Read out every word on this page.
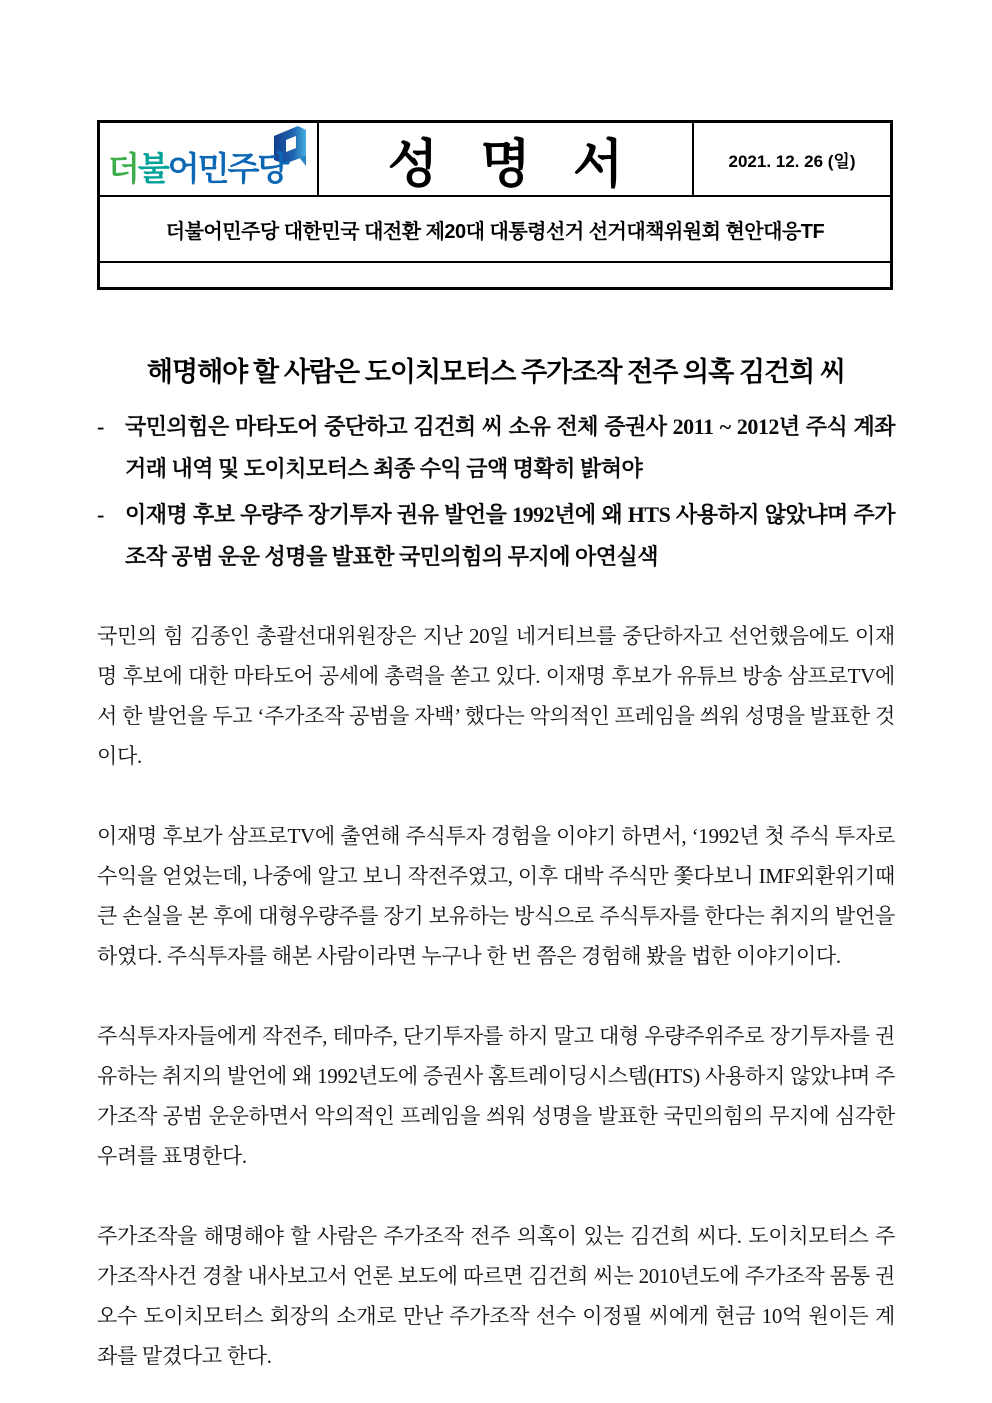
더불어민주당 성 명 서	2021. 12. 26 (일)
더불어민주당 대한민국 대전환 제20대 대통령선거 선거대책위원회 현안대응TF
해명해야 할 사람은 도이치모터스 주가조작 전주 의혹 김건희 씨
- 국민의힘은 마타도어 중단하고 김건희 씨 소유 전체 증권사 2011 ~ 2012년 주식 계좌거래 내역 및 도이치모터스 최종 수익 금액 명확히 밝혀야
- 이재명 후보 우량주 장기투자 권유 발언을 1992년에 왜 HTS 사용하지 않았냐며 주가조작 공범 운운 성명을 발표한 국민의힘의 무지에 아연실색

국민의 힘 김종인 총괄선대위원장은 지난 20일 네거티브를 중단하자고 선언했음에도 이재명 후보에 대한 마타도어 공세에 총력을 쏟고 있다. 이재명 후보가 유튜브 방송 삼프로TV에서 한 발언을 두고 ‘주가조작 공범을 자백’ 했다는 악의적인 프레임을 씌워 성명을 발표한 것이다.

이재명 후보가 삼프로TV에 출연해 주식투자 경험을 이야기 하면서, ‘1992년 첫 주식 투자로 수익을 얻었는데, 나중에 알고 보니 작전주였고, 이후 대박 주식만 쫓다보니 IMF외환위기때 큰 손실을 본 후에 대형우량주를 장기 보유하는 방식으로 주식투자를 한다는 취지의 발언을 하였다. 주식투자를 해본 사람이라면 누구나 한 번 쯤은 경험해 봤을 법한 이야기이다.

주식투자자들에게 작전주, 테마주, 단기투자를 하지 말고 대형 우량주위주로 장기투자를 권유하는 취지의 발언에 왜 1992년도에 증권사 홈트레이딩시스템(HTS) 사용하지 않았냐며 주가조작 공범 운운하면서 악의적인 프레임을 씌워 성명을 발표한 국민의힘의 무지에 심각한 우려를 표명한다.

주가조작을 해명해야 할 사람은 주가조작 전주 의혹이 있는 김건희 씨다. 도이치모터스 주가조작사건 경찰 내사보고서 언론 보도에 따르면 김건희 씨는 2010년도에 주가조작 몸통 권오수 도이치모터스 회장의 소개로 만난 주가조작 선수 이정필 씨에게 현금 10억 원이든 계좌를 맡겼다고 한다.
